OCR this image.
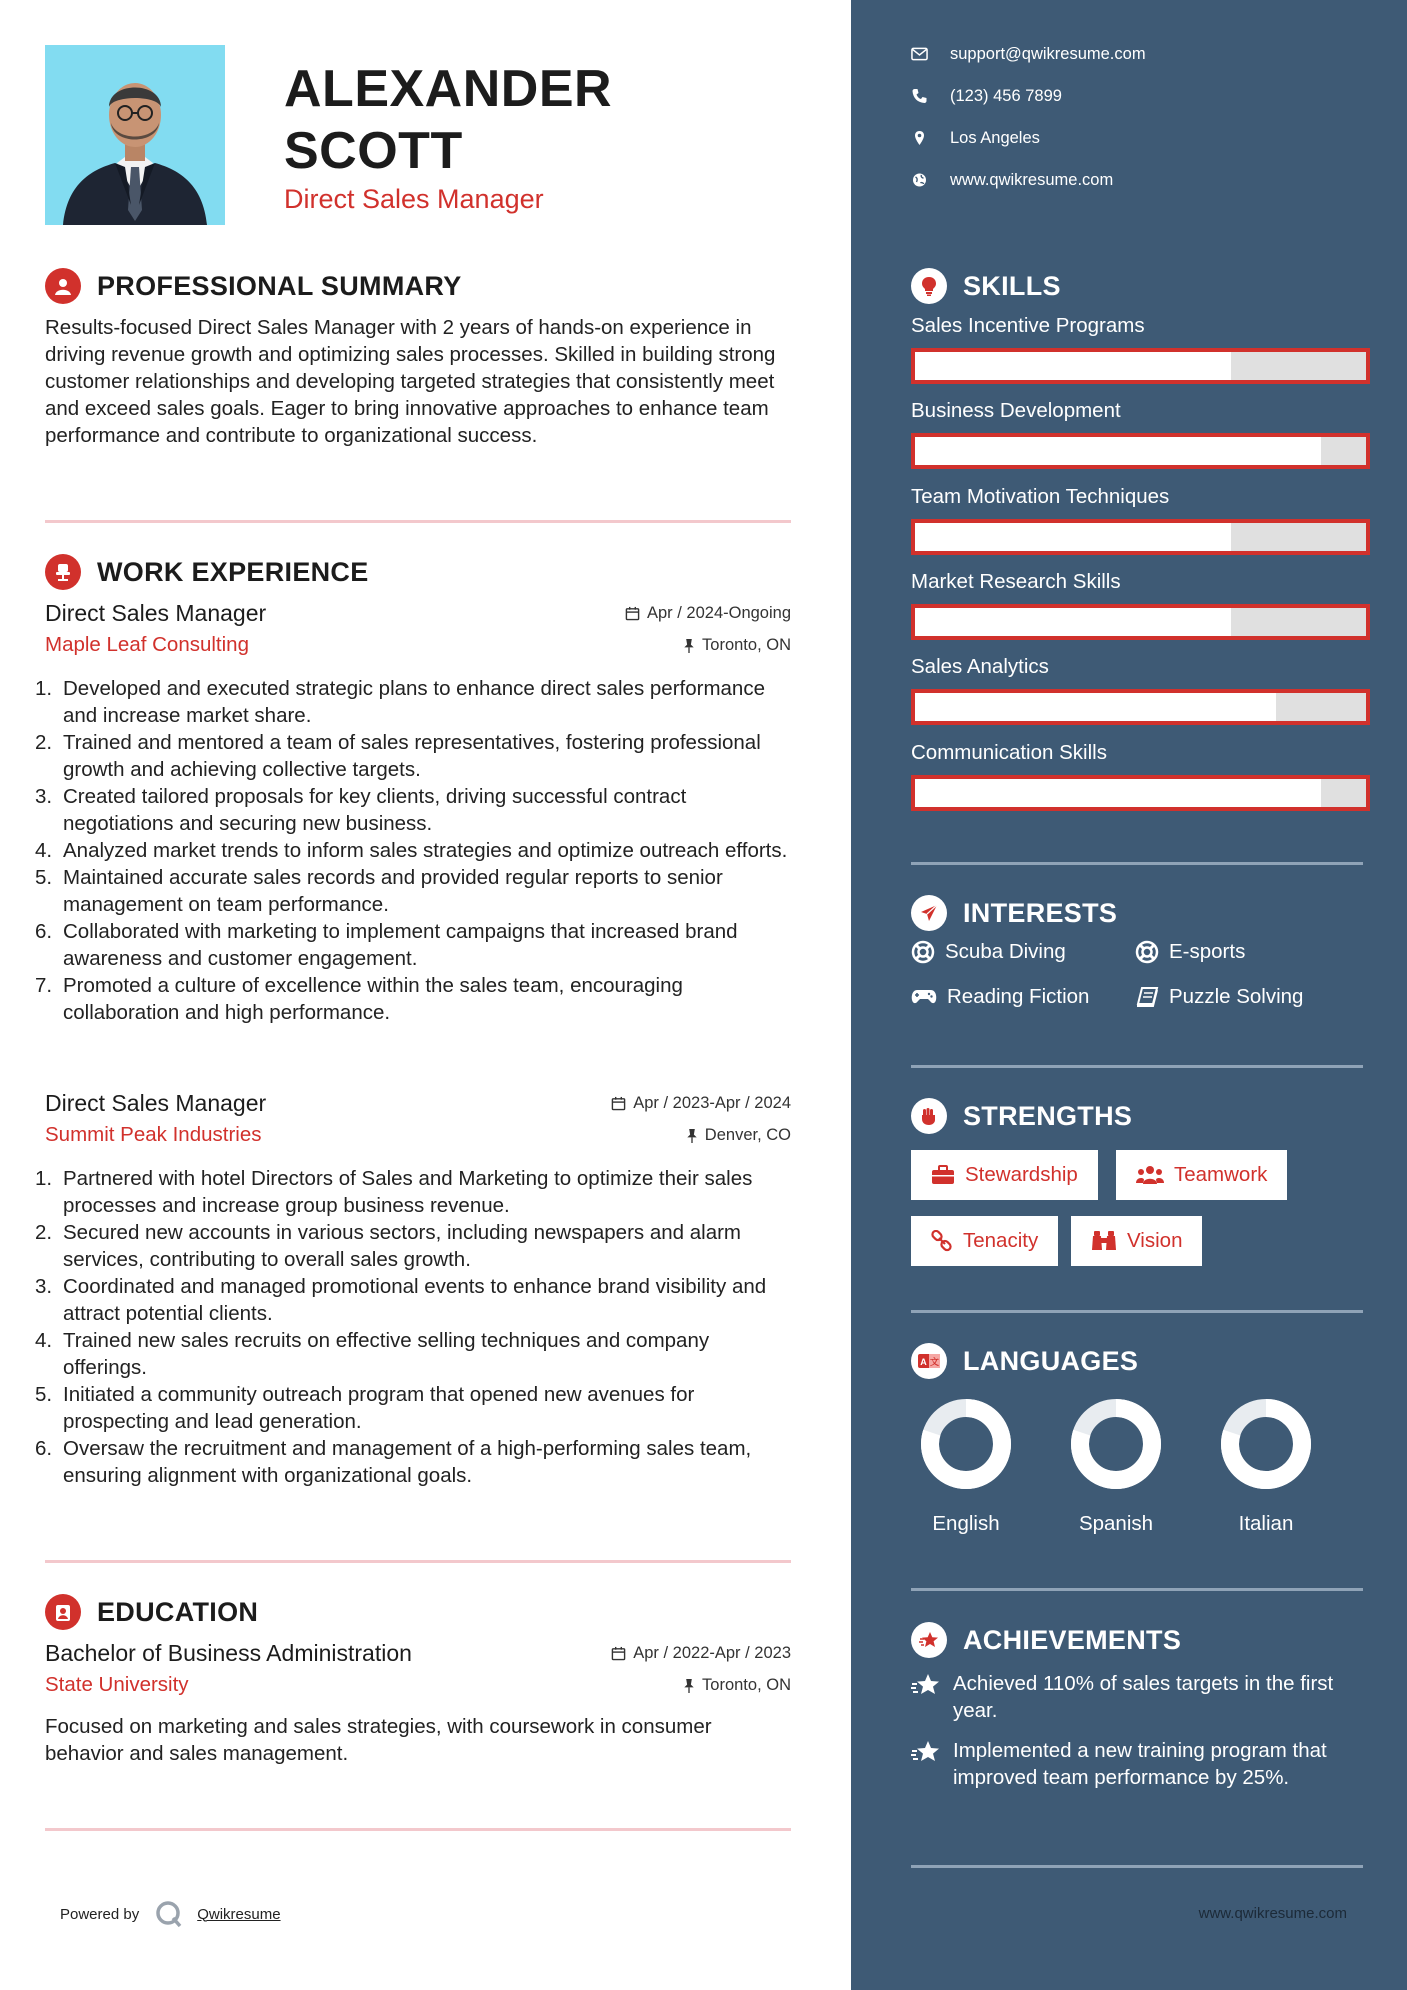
ALEXANDER
SCOTT
Direct Sales Manager
PROFESSIONAL SUMMARY

Results-focused Direct Sales Manager with 2 years of hands-on experience in driving revenue growth and optimizing sales processes. Skilled in building strong customer relationships and developing targeted strategies that consistently meet and exceed sales goals. Eager to bring innovative approaches to enhance team performance and contribute to organizational success.

WORK EXPERIENCE
Direct Sales Manager	Apr / 2024-Ongoing
Maple Leaf Consulting	Toronto, ON
1. Developed and executed strategic plans to enhance direct sales performance and increase market share.
2. Trained and mentored a team of sales representatives, fostering professional growth and achieving collective targets.
3. Created tailored proposals for key clients, driving successful contract negotiations and securing new business.
4. Analyzed market trends to inform sales strategies and optimize outreach efforts.
5. Maintained accurate sales records and provided regular reports to senior management on team performance.
6. Collaborated with marketing to implement campaigns that increased brand awareness and customer engagement.
7. Promoted a culture of excellence within the sales team, encouraging collaboration and high performance.
Direct Sales Manager	Apr / 2023-Apr / 2024
Summit Peak Industries	Denver, CO
1. Partnered with hotel Directors of Sales and Marketing to optimize their sales processes and increase group business revenue.
2. Secured new accounts in various sectors, including newspapers and alarm services, contributing to overall sales growth.
3. Coordinated and managed promotional events to enhance brand visibility and attract potential clients.
4. Trained new sales recruits on effective selling techniques and company offerings.
5. Initiated a community outreach program that opened new avenues for prospecting and lead generation.
6. Oversaw the recruitment and management of a high-performing sales team, ensuring alignment with organizational goals.
EDUCATION
Bachelor of Business Administration	Apr / 2022-Apr / 2023
State University	Toronto, ON

Focused on marketing and sales strategies, with coursework in consumer behavior and sales management.

Powered by	Qwikresume
support@qwikresume.com
(123) 456 7899
Los Angeles
www.qwikresume.com
SKILLS
Sales Incentive Programs
Business Development
Team Motivation Techniques
Market Research Skills
Sales Analytics
Communication Skills
INTERESTS
Scuba Diving	E-sports
Reading Fiction	Puzzle Solving
STRENGTHS
Stewardship	Teamwork
Tenacity	Vision
A 文 LANGUAGES
English	Spanish	Italian
ACHIEVEMENTS
Achieved 110% of sales targets in the first year.
Implemented a new training program that improved team performance by 25%.
www.qwikresume.com
